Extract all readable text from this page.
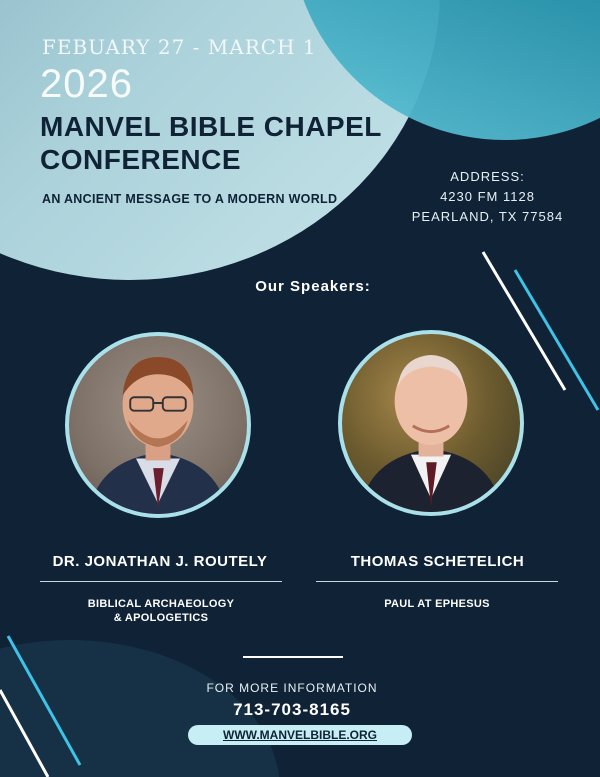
FEBUARY 27 - MARCH 1
2026
MANVEL BIBLE CHAPEL
CONFERENCE
AN ANCIENT MESSAGE TO A MODERN WORLD
ADDRESS:
4230 FM 1128
PEARLAND, TX 77584
Our Speakers:
DR. JONATHAN J. ROUTELY
BIBLICAL ARCHAEOLOGY
& APOLOGETICS
THOMAS SCHETELICH
PAUL AT EPHESUS
FOR MORE INFORMATION
713-703-8165
WWW.MANVELBIBLE.ORG
